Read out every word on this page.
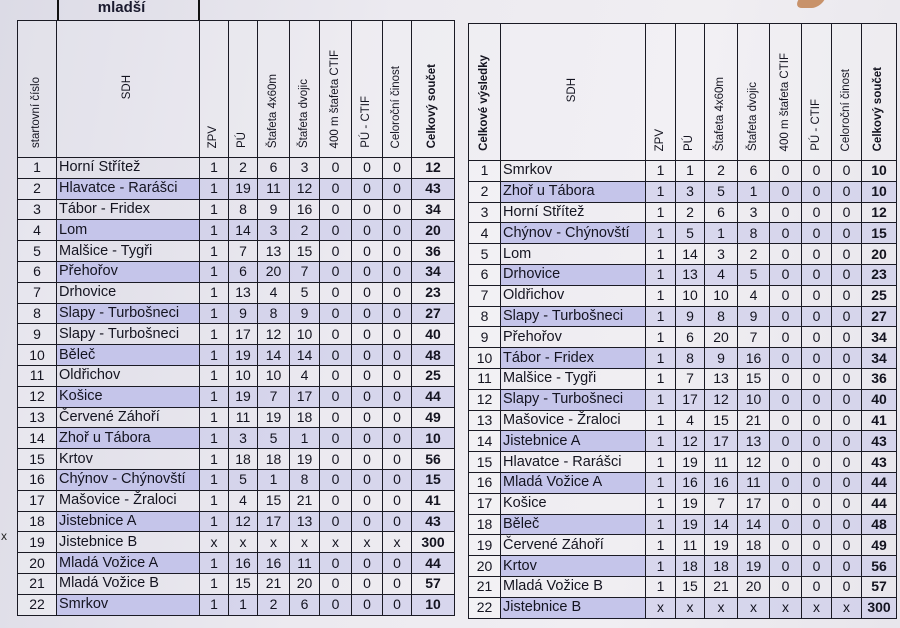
mladší
x
startovní číslo	SDH	ZPV	PÚ	Štafeta 4x60m	Štafeta dvojic	400 m štafeta CTIF	PÚ - CTIF	Celoroční činost	Celkový součet
1	Horní Střítež	1	2	6	3	0	0	0	12
2	Hlavatce - Rarášci	1	19	11	12	0	0	0	43
3	Tábor - Fridex	1	8	9	16	0	0	0	34
4	Lom	1	14	3	2	0	0	0	20
5	Malšice - Tygři	1	7	13	15	0	0	0	36
6	Přehořov	1	6	20	7	0	0	0	34
7	Drhovice	1	13	4	5	0	0	0	23
8	Slapy - Turbošneci	1	9	8	9	0	0	0	27
9	Slapy - Turbošneci	1	17	12	10	0	0	0	40
10	Běleč	1	19	14	14	0	0	0	48
11	Oldřichov	1	10	10	4	0	0	0	25
12	Košice	1	19	7	17	0	0	0	44
13	Červené Záhoří	1	11	19	18	0	0	0	49
14	Zhoř u Tábora	1	3	5	1	0	0	0	10
15	Krtov	1	18	18	19	0	0	0	56
16	Chýnov - Chýnovští	1	5	1	8	0	0	0	15
17	Mašovice - Žraloci	1	4	15	21	0	0	0	41
18	Jistebnice A	1	12	17	13	0	0	0	43
19	Jistebnice B	x	x	x	x	x	x	x	300
20	Mladá Vožice A	1	16	16	11	0	0	0	44
21	Mladá Vožice B	1	15	21	20	0	0	0	57
22	Smrkov	1	1	2	6	0	0	0	10
Celkové výsledky	SDH	ZPV	PÚ	Štafeta 4x60m	Štafeta dvojic	400 m štafeta CTIF	PÚ - CTIF	Celoroční činost	Celkový součet
1	Smrkov	1	1	2	6	0	0	0	10
2	Zhoř u Tábora	1	3	5	1	0	0	0	10
3	Horní Střítež	1	2	6	3	0	0	0	12
4	Chýnov - Chýnovští	1	5	1	8	0	0	0	15
5	Lom	1	14	3	2	0	0	0	20
6	Drhovice	1	13	4	5	0	0	0	23
7	Oldřichov	1	10	10	4	0	0	0	25
8	Slapy - Turbošneci	1	9	8	9	0	0	0	27
9	Přehořov	1	6	20	7	0	0	0	34
10	Tábor - Fridex	1	8	9	16	0	0	0	34
11	Malšice - Tygři	1	7	13	15	0	0	0	36
12	Slapy - Turbošneci	1	17	12	10	0	0	0	40
13	Mašovice - Žraloci	1	4	15	21	0	0	0	41
14	Jistebnice A	1	12	17	13	0	0	0	43
15	Hlavatce - Rarášci	1	19	11	12	0	0	0	43
16	Mladá Vožice A	1	16	16	11	0	0	0	44
17	Košice	1	19	7	17	0	0	0	44
18	Běleč	1	19	14	14	0	0	0	48
19	Červené Záhoří	1	11	19	18	0	0	0	49
20	Krtov	1	18	18	19	0	0	0	56
21	Mladá Vožice B	1	15	21	20	0	0	0	57
22	Jistebnice B	x	x	x	x	x	x	x	300
